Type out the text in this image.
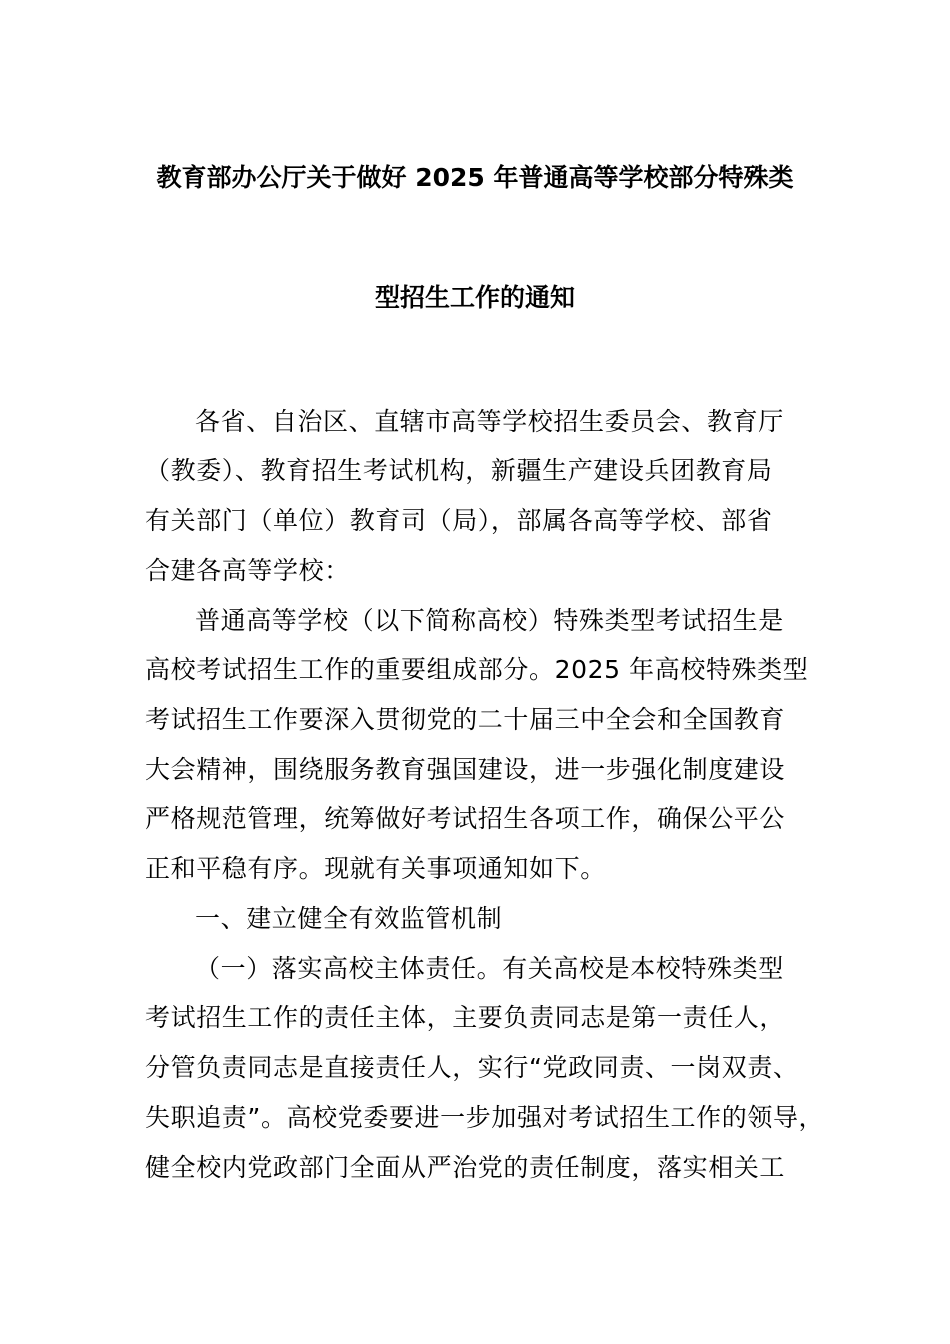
教育部办公厅关于做好 2025 年普通高等学校部分特殊类
型招生工作的通知
各省、自治区、直辖市高等学校招生委员会、教育厅
（教委）、教育招生考试机构，新疆生产建设兵团教育局
有关部门（单位）教育司（局），部属各高等学校、部省
合建各高等学校：
普通高等学校（以下简称高校）特殊类型考试招生是
高校考试招生工作的重要组成部分。2025 年高校特殊类型
考试招生工作要深入贯彻党的二十届三中全会和全国教育
大会精神，围绕服务教育强国建设，进一步强化制度建设
严格规范管理，统筹做好考试招生各项工作，确保公平公
正和平稳有序。现就有关事项通知如下。
一、建立健全有效监管机制
（一）落实高校主体责任。有关高校是本校特殊类型
考试招生工作的责任主体，主要负责同志是第一责任人，
分管负责同志是直接责任人，实行“党政同责、一岗双责、
失职追责”。高校党委要进一步加强对考试招生工作的领导，
健全校内党政部门全面从严治党的责任制度，落实相关工
